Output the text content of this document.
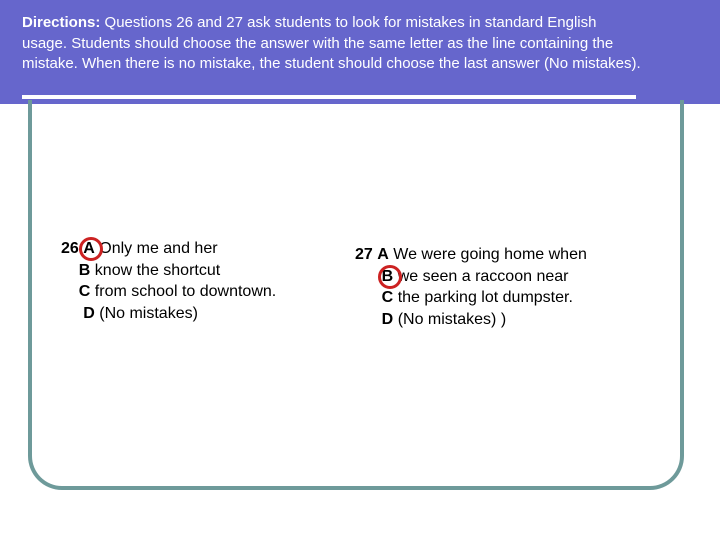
Directions: Questions 26 and 27 ask students to look for mistakes in standard English usage. Students should choose the answer with the same letter as the line containing the mistake. When there is no mistake, the student should choose the last answer (No mistakes).

26 A Only me and her
B know the shortcut
C from school to downtown.
D (No mistakes)
27 A We were going home when

B we seen a raccoon near
C the parking lot dumpster.
D (No mistakes) )
